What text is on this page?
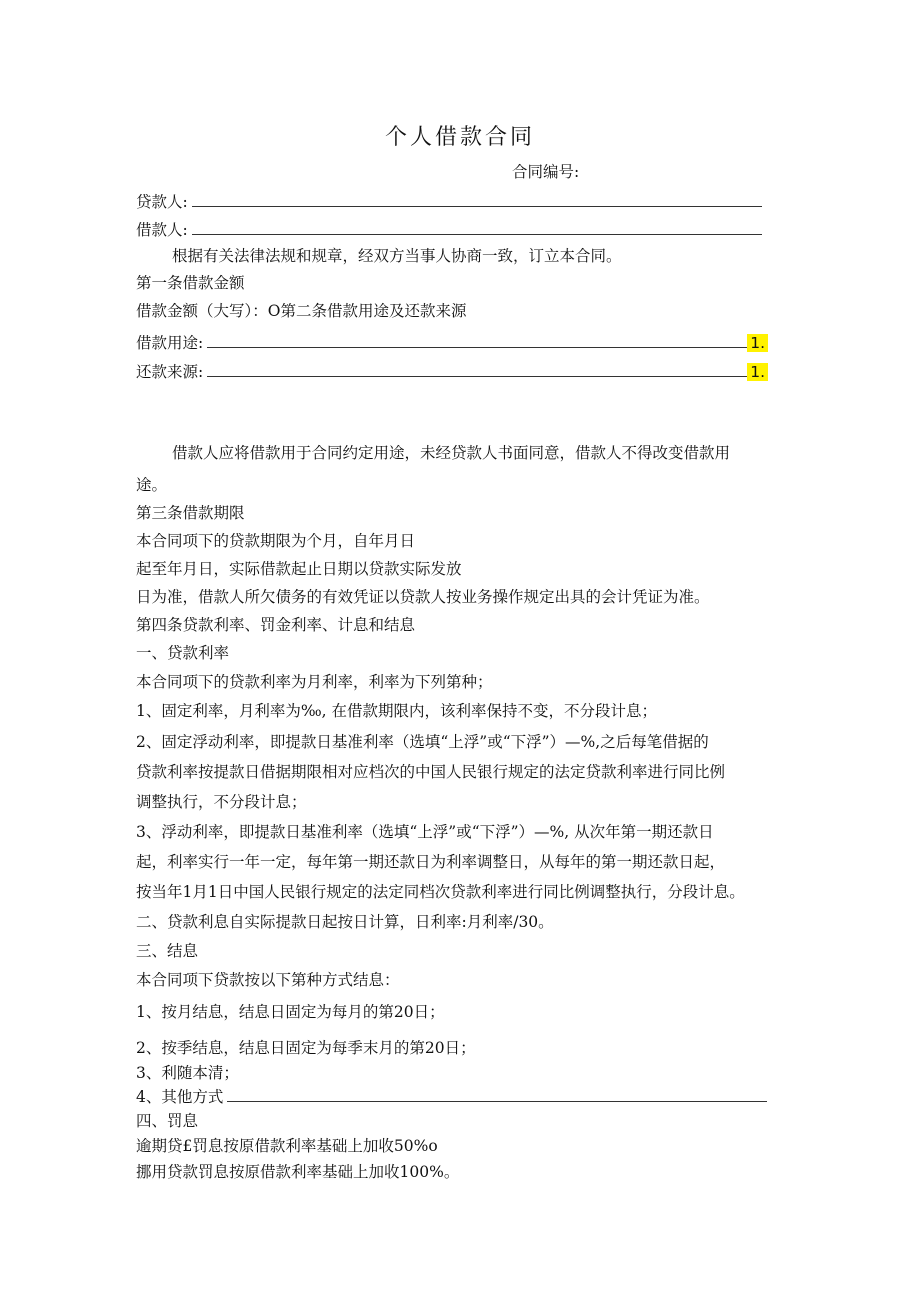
个人借款合同
合同编号:
贷款人:
借款人:
根据有关法律法规和规章，经双方当事人协商一致，订立本合同。
第一条借款金额
借款金额（大写）：O第二条借款用途及还款来源
借款用途:	1.
还款来源:	1.
借款人应将借款用于合同约定用途，未经贷款人书面同意，借款人不得改变借款用
途。
第三条借款期限
本合同项下的贷款期限为个月，自年月日
起至年月日，实际借款起止日期以贷款实际发放
日为准，借款人所欠债务的有效凭证以贷款人按业务操作规定出具的会计凭证为准。
第四条贷款利率、罚金利率、计息和结息
一、贷款利率
本合同项下的贷款利率为月利率，利率为下列第种；
1、固定利率，月利率为‰, 在借款期限内，该利率保持不变，不分段计息；
2、固定浮动利率，即提款日基准利率（选填“上浮”或“下浮”）—%,之后每笔借据的
贷款利率按提款日借据期限相对应档次的中国人民银行规定的法定贷款利率进行同比例
调整执行，不分段计息；
3、浮动利率，即提款日基准利率（选填“上浮”或“下浮”）—%, 从次年第一期还款日
起，利率实行一年一定，每年第一期还款日为利率调整日，从每年的第一期还款日起，
按当年1月1日中国人民银行规定的法定同档次贷款利率进行同比例调整执行，分段计息。
二、贷款利息自实际提款日起按日计算，日利率:月利率/30。
三、结息
本合同项下贷款按以下第种方式结息：
1、按月结息，结息日固定为每月的第20日；
2、按季结息，结息日固定为每季末月的第20日；
3、利随本清；
4、其他方式
四、罚息
逾期贷£罚息按原借款利率基础上加收50%o
挪用贷款罚息按原借款利率基础上加收100%。
